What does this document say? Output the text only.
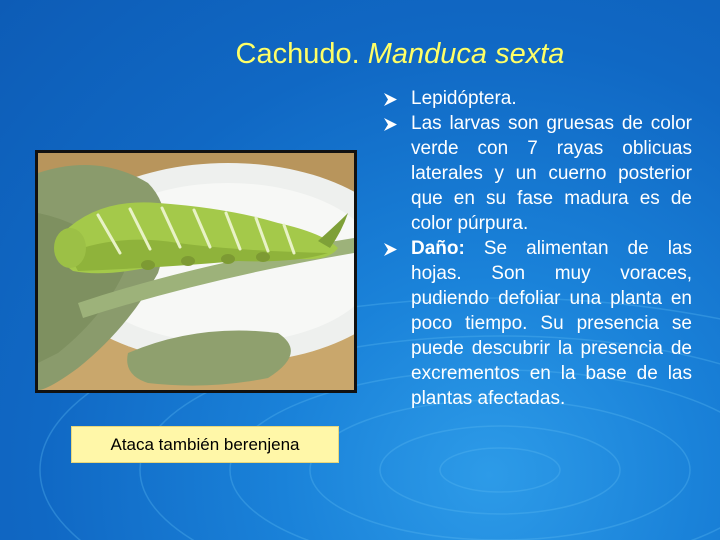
Cachudo. Manduca sexta
Ataca también berenjena
Lepidóptera.
Las larvas son gruesas de color verde con 7 rayas oblicuas laterales y un cuerno posterior que en su fase madura es de color púrpura.
Daño: Se alimentan de las hojas. Son muy voraces, pudiendo defoliar una planta en poco tiempo. Su presencia se puede descubrir la presencia de excrementos en la base de las plantas afectadas.
